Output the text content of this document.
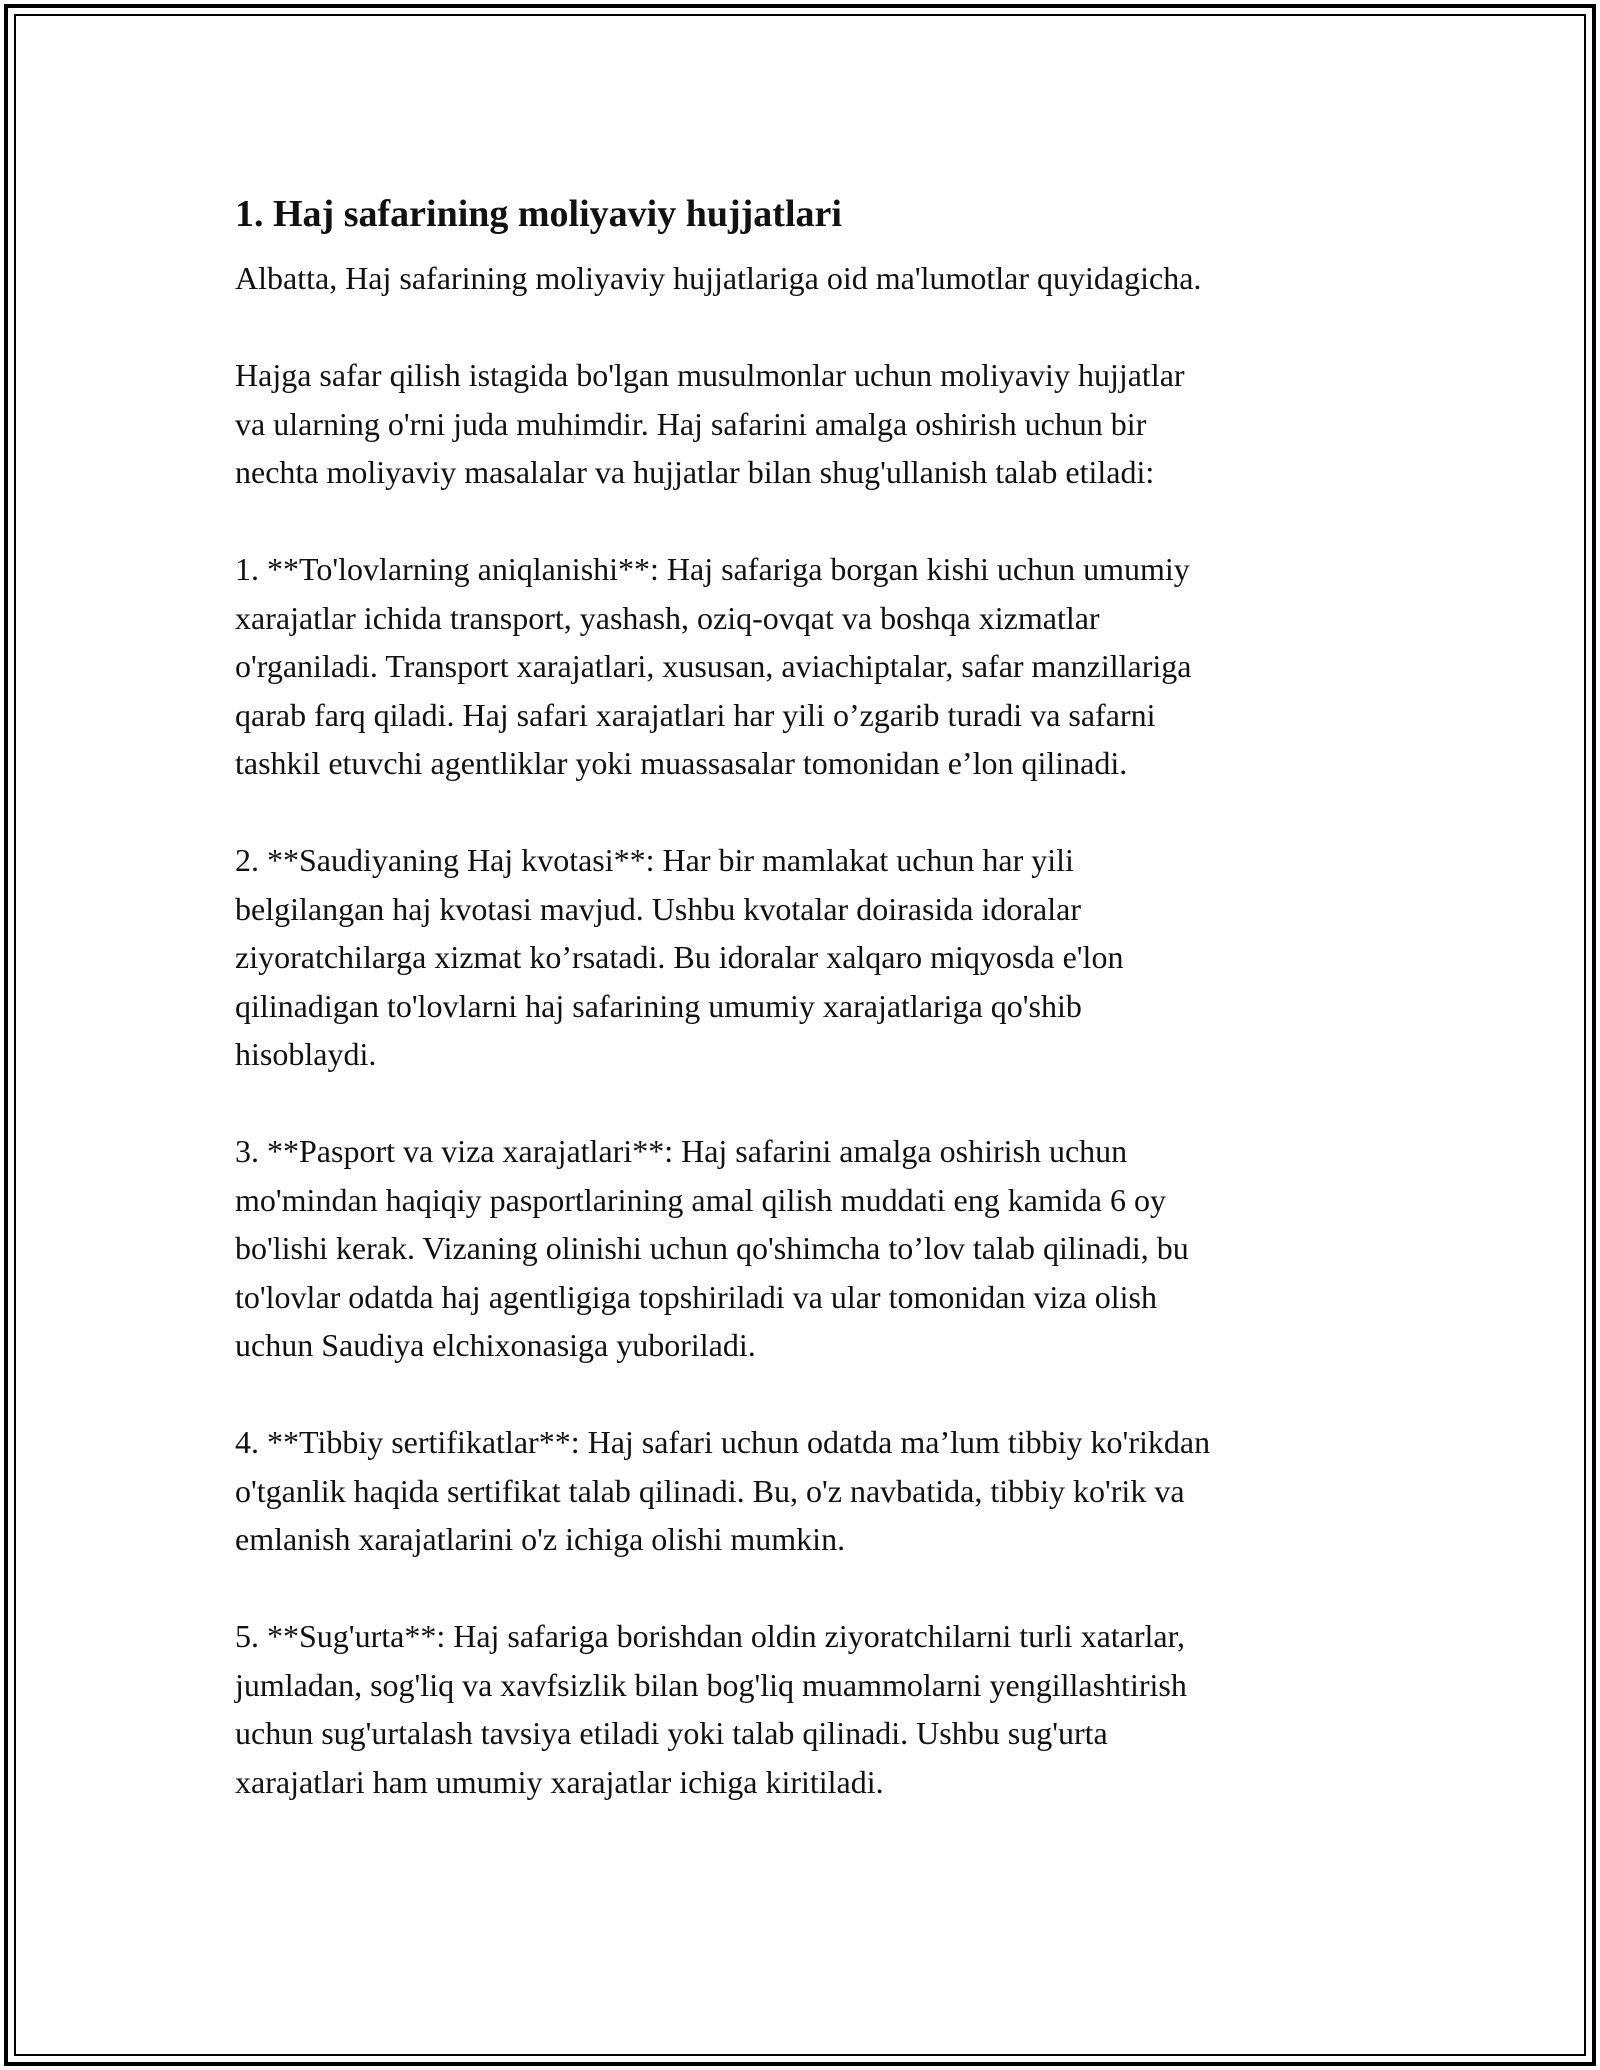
1. Haj safarining moliyaviy hujjatlari

Albatta, Haj safarining moliyaviy hujjatlariga oid ma'lumotlar quyidagicha.

Hajga safar qilish istagida bo'lgan musulmonlar uchun moliyaviy hujjatlar
va ularning o'rni juda muhimdir. Haj safarini amalga oshirish uchun bir
nechta moliyaviy masalalar va hujjatlar bilan shug'ullanish talab etiladi:

1. **To'lovlarning aniqlanishi**: Haj safariga borgan kishi uchun umumiy
xarajatlar ichida transport, yashash, oziq-ovqat va boshqa xizmatlar
o'rganiladi. Transport xarajatlari, xususan, aviachiptalar, safar manzillariga
qarab farq qiladi. Haj safari xarajatlari har yili o’zgarib turadi va safarni
tashkil etuvchi agentliklar yoki muassasalar tomonidan e’lon qilinadi.

2. **Saudiyaning Haj kvotasi**: Har bir mamlakat uchun har yili
belgilangan haj kvotasi mavjud. Ushbu kvotalar doirasida idoralar
ziyoratchilarga xizmat ko’rsatadi. Bu idoralar xalqaro miqyosda e'lon
qilinadigan to'lovlarni haj safarining umumiy xarajatlariga qo'shib
hisoblaydi.

3. **Pasport va viza xarajatlari**: Haj safarini amalga oshirish uchun
mo'mindan haqiqiy pasportlarining amal qilish muddati eng kamida 6 oy
bo'lishi kerak. Vizaning olinishi uchun qo'shimcha to’lov talab qilinadi, bu
to'lovlar odatda haj agentligiga topshiriladi va ular tomonidan viza olish
uchun Saudiya elchixonasiga yuboriladi.

4. **Tibbiy sertifikatlar**: Haj safari uchun odatda ma’lum tibbiy ko'rikdan
o'tganlik haqida sertifikat talab qilinadi. Bu, o'z navbatida, tibbiy ko'rik va
emlanish xarajatlarini o'z ichiga olishi mumkin.

5. **Sug'urta**: Haj safariga borishdan oldin ziyoratchilarni turli xatarlar,
jumladan, sog'liq va xavfsizlik bilan bog'liq muammolarni yengillashtirish
uchun sug'urtalash tavsiya etiladi yoki talab qilinadi. Ushbu sug'urta
xarajatlari ham umumiy xarajatlar ichiga kiritiladi.
